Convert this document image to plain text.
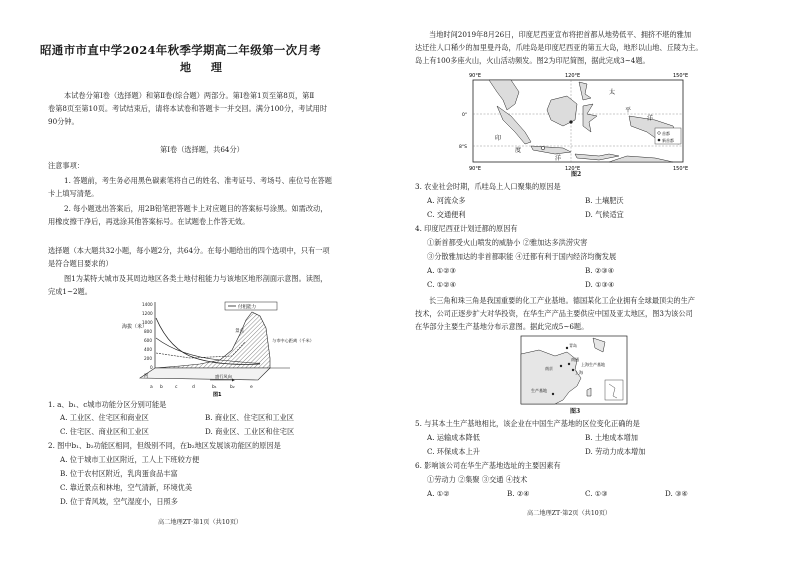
昭通市市直中学2024年秋季学期高二年级第一次月考
地 理
本试卷分第Ⅰ卷（选择题）和第Ⅱ卷(综合题）两部分。第Ⅰ卷第1页至第8页，第Ⅱ
卷第8页至第10页。考试结束后，请将本试卷和答题卡一并交回。满分100分，考试用时
90分钟。
第Ⅰ卷（选择题，共64分）
注意事项：
1. 答题前，考生务必用黑色碳素笔将自己的姓名、准考证号、考场号、座位号在答题
卡上填写清楚。
2. 每小题选出答案后，用2B铅笔把答题卡上对应题目的答案标号涂黑。如需改动，
用橡皮擦干净后，再选涂其他答案标号。在试题卷上作答无效。
选择题（本大题共32小题，每小题2分，共64分。在每小题给出的四个选项中，只有一项
是符合题目要求的）
图1为某特大城市及其周边地区各类土地付租能力与该地区地形剖面示意图。读图，
完成1~2题。
海拔（米）
1400
1200
1000
800
600
400
200
0
付租能力
与市中心距离（千米）
景点
河	盛行风向
a b	c	d	b₁	b₂	e
图1
1. a、b₁、c城市功能分区分别可能是
A. 工业区、住宅区和商业区	B. 商业区、住宅区和工业区
C. 住宅区、商业区和工业区	D. 商业区、工业区和住宅区
2. 图中b₁、b₂功能区相同，但级别不同，在b₂地区发展该功能区的原因是
A. 位于城市工业区附近，工人上下班较方便
B. 位于农村区附近，乳肉蛋食品丰富
C. 靠近景点和林地，空气清新，环境优美
D. 位于背风坡，空气湿度小，日照多
高二地理ZT·第1页（共10页）
当地时间2019年8月26日，印度尼西亚宣布将把首都从地势低平、拥挤不堪的雅加
达迁往人口稀少的加里曼丹岛，爪哇岛是印度尼西亚的第五大岛，地形以山地、丘陵为主。
岛上有100多座火山，火山活动频发。图2为印尼简图，据此完成3~4题。
90°E	120°E	150°E
0°
8°S
太
平
洋
印
度
洋
首都
新首都
90°E	120°E	150°E
图2
3. 农业社会时期，爪哇岛上人口聚集的原因是
A. 河流众多	B. 土壤肥沃
C. 交通便利	D. 气候适宜
4. 印度尼西亚计划迁都的原因有
①新首都受火山喷发的威胁小 ②雅加达多洪涝灾害
③分散雅加达的非首都职能 ④迁都有利于国内经济均衡发展
A. ①②③	B. ②③④
C. ①②④	D. ①③④
长三角和珠三角是我国重要的化工产业基地。德国某化工企业拥有全球最顶尖的生产
技术，公司正逐步扩大对华投资，在华生产产品主要供应中国及亚太地区，图3为该公司
在华部分主要生产基地分布示意图。据此完成5~6题。
青岛
南通
南京
上海
上海生产基地
生产基地
图3
5. 与其本土生产基地相比，该企业在中国生产基地的区位变化正确的是
A. 运输成本降低	B. 土地成本增加
C. 环保成本上升	D. 劳动力成本增加
6. 影响该公司在华生产基地选址的主要因素有
①劳动力 ②集聚 ③交通 ④技术
A. ①②	B. ②④	C. ①③	D. ③④
高二地理ZT·第2页（共10页）
